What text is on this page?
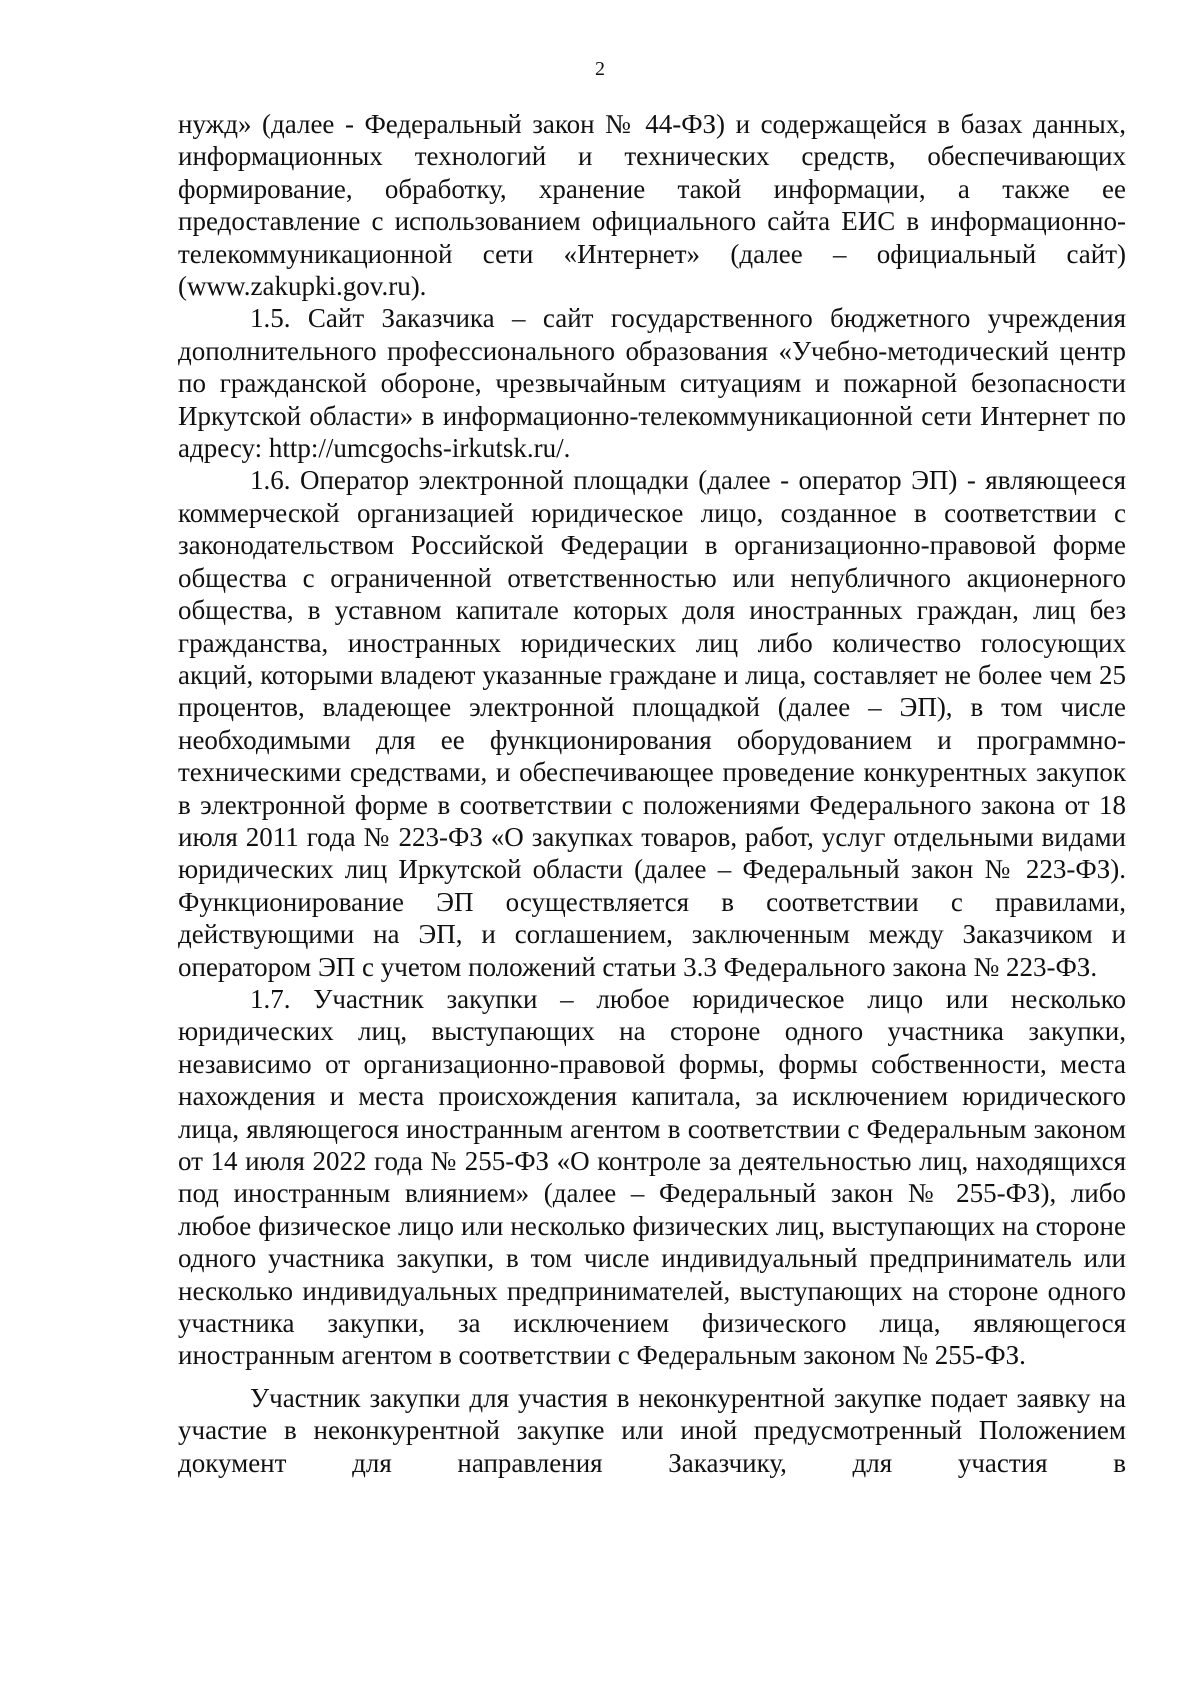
2

нужд» (далее - Федеральный закон № 44-ФЗ) и содержащейся в базах данных, информационных технологий и технических средств, обеспечивающих формирование, обработку, хранение такой информации, а также ее предоставление с использованием официального сайта ЕИС в информационно-телекоммуникационной сети «Интернет» (далее – официальный сайт) (www.zakupki.gov.ru).

1.5. Сайт Заказчика – сайт государственного бюджетного учреждения дополнительного профессионального образования «Учебно-методический центр по гражданской обороне, чрезвычайным ситуациям и пожарной безопасности Иркутской области» в информационно-телекоммуникационной сети Интернет по адресу: http://umcgochs-irkutsk.ru/.

1.6. Оператор электронной площадки (далее - оператор ЭП) - являющееся коммерческой организацией юридическое лицо, созданное в соответствии с законодательством Российской Федерации в организационно-правовой форме общества с ограниченной ответственностью или непубличного акционерного общества, в уставном капитале которых доля иностранных граждан, лиц без гражданства, иностранных юридических лиц либо количество голосующих акций, которыми владеют указанные граждане и лица, составляет не более чем 25 процентов, владеющее электронной площадкой (далее – ЭП), в том числе необходимыми для ее функционирования оборудованием и программно-техническими средствами, и обеспечивающее проведение конкурентных закупок в электронной форме в соответствии с положениями Федерального закона от 18 июля 2011 года № 223-ФЗ «О закупках товаров, работ, услуг отдельными видами юридических лиц Иркутской области (далее – Федеральный закон № 223-ФЗ). Функционирование ЭП осуществляется в соответствии с правилами, действующими на ЭП, и соглашением, заключенным между Заказчиком и оператором ЭП с учетом положений статьи 3.3 Федерального закона № 223-ФЗ.

1.7. Участник закупки – любое юридическое лицо или несколько юридических лиц, выступающих на стороне одного участника закупки, независимо от организационно-правовой формы, формы собственности, места нахождения и места происхождения капитала, за исключением юридического лица, являющегося иностранным агентом в соответствии с Федеральным законом от 14 июля 2022 года № 255-ФЗ «О контроле за деятельностью лиц, находящихся под иностранным влиянием» (далее – Федеральный закон № 255-ФЗ), либо любое физическое лицо или несколько физических лиц, выступающих на стороне одного участника закупки, в том числе индивидуальный предприниматель или несколько индивидуальных предпринимателей, выступающих на стороне одного участника закупки, за исключением физического лица, являющегося иностранным агентом в соответствии с Федеральным законом № 255-ФЗ.

Участник закупки для участия в неконкурентной закупке подает заявку на участие в неконкурентной закупке или иной предусмотренный Положением документ для направления Заказчику, для участия в
